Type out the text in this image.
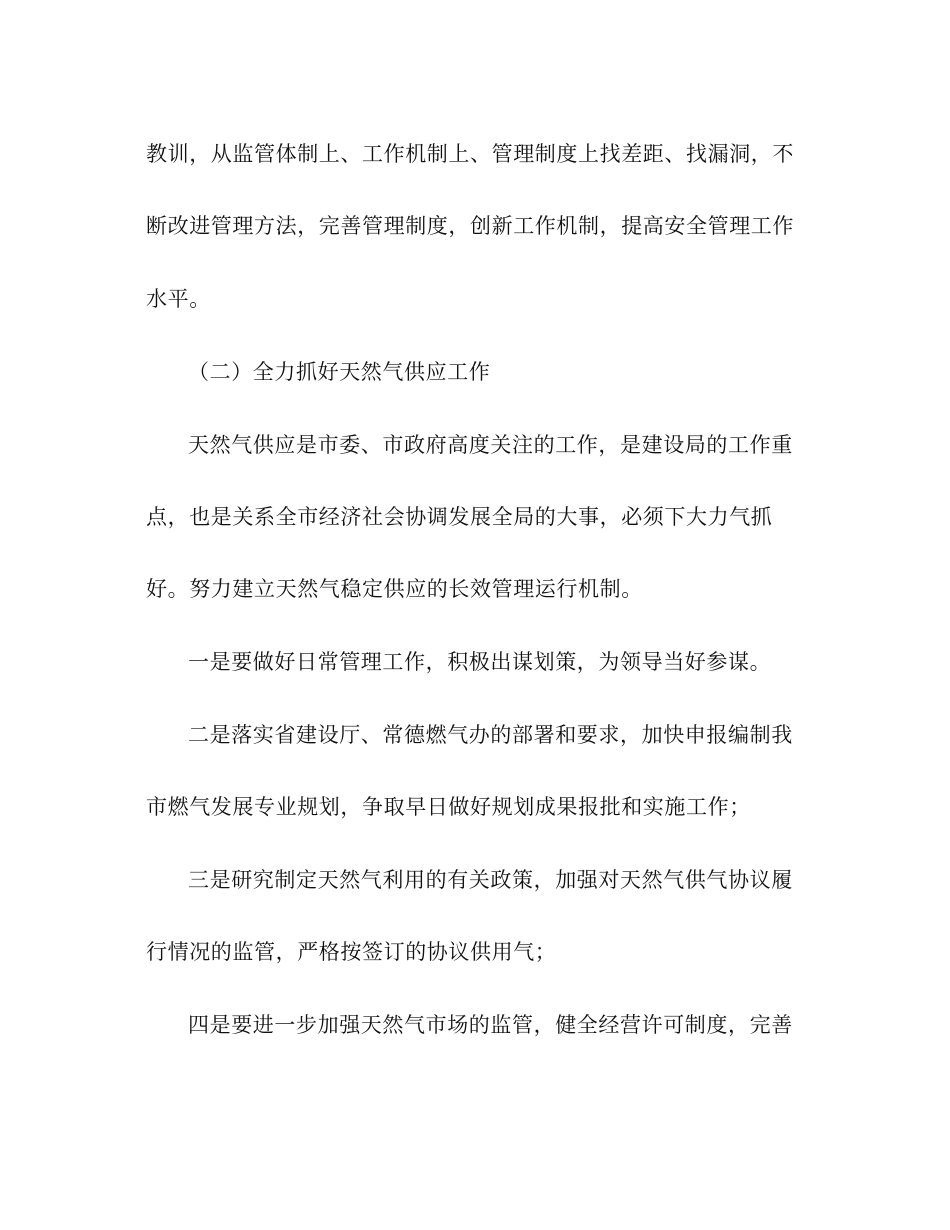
教训，从监管体制上、工作机制上、管理制度上找差距、找漏洞，不
断改进管理方法，完善管理制度，创新工作机制，提高安全管理工作
水平。
（二）全力抓好天然气供应工作
天然气供应是市委、市政府高度关注的工作，是建设局的工作重
点，也是关系全市经济社会协调发展全局的大事，必须下大力气抓
好。努力建立天然气稳定供应的长效管理运行机制。
一是要做好日常管理工作，积极出谋划策，为领导当好参谋。
二是落实省建设厅、常德燃气办的部署和要求，加快申报编制我
市燃气发展专业规划，争取早日做好规划成果报批和实施工作；
三是研究制定天然气利用的有关政策，加强对天然气供气协议履
行情况的监管，严格按签订的协议供用气；
四是要进一步加强天然气市场的监管，健全经营许可制度，完善
